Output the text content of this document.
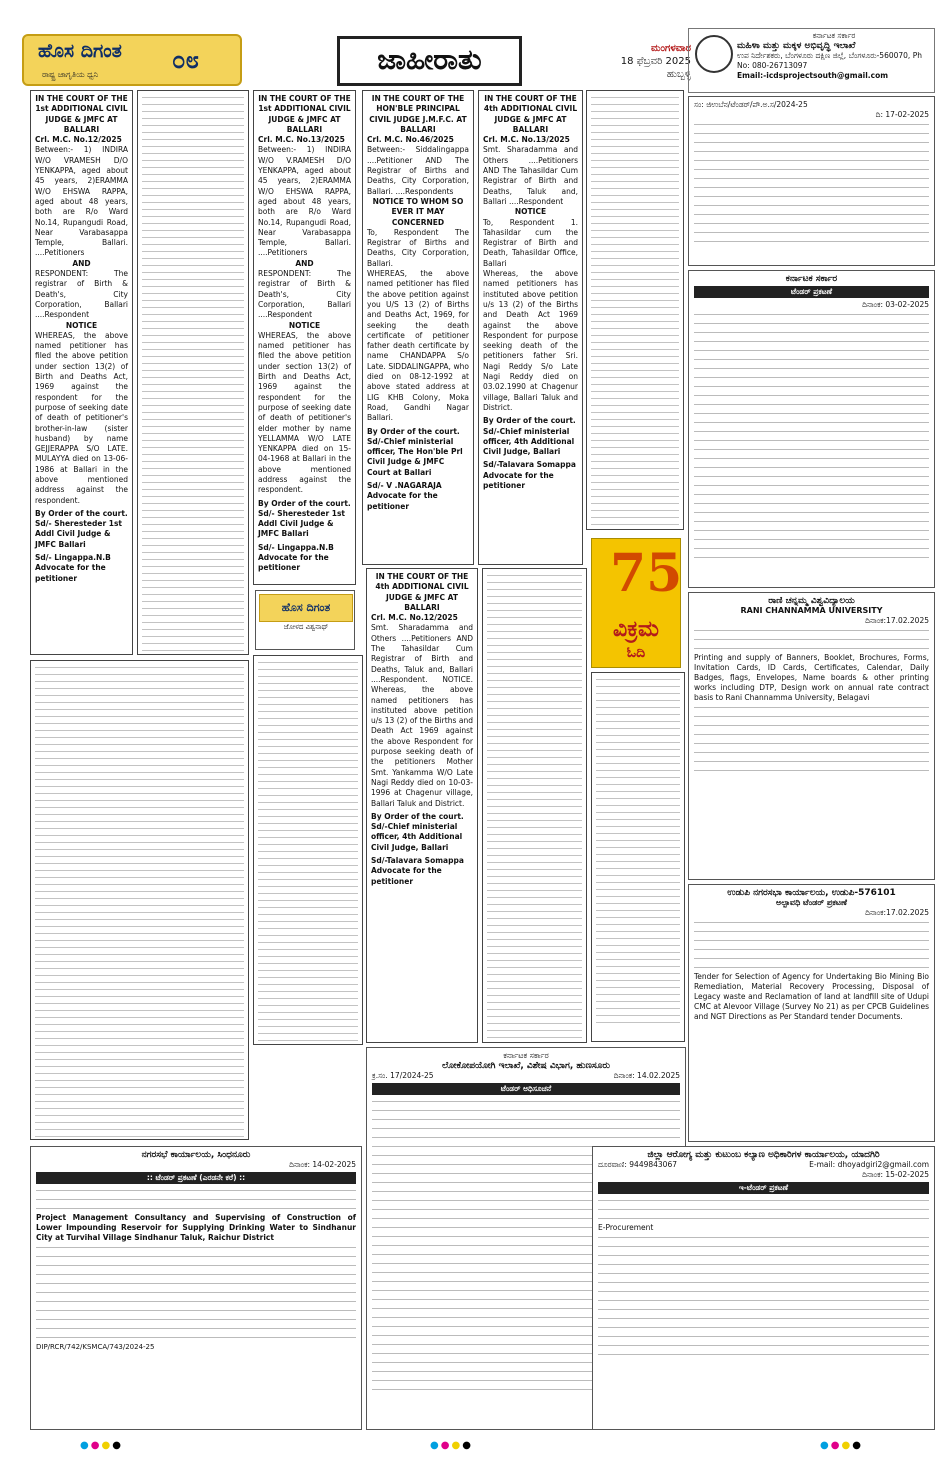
ಹೊಸ ದಿಗಂತ
ರಾಷ್ಟ್ರ ಜಾಗೃತಿಯ ಧ್ವನಿ
೦೮	ಜಾಹೀರಾತು	ಮಂಗಳವಾರ
18 ಫೆಬ್ರವರಿ 2025
ಹುಬ್ಬಳ್ಳಿ
ಕರ್ನಾಟಕ ಸರ್ಕಾರ
ಮಹಿಳಾ ಮತ್ತು ಮಕ್ಕಳ ಅಭಿವೃದ್ಧಿ ಇಲಾಖೆ
ಉಪ ನಿರ್ದೇಶಕರು, ಬೆಂಗಳೂರು ದಕ್ಷಿಣ ಜಿಲ್ಲೆ, ಬೆಂಗಳೂರು-560070, Ph No: 080-26713097
Email:-icdsprojectsouth@gmail.com
IN THE COURT OF THE 1st ADDITIONAL CIVIL JUDGE & JMFC AT BALLARI
Crl. M.C. No.12/2025
Between:- 1) INDIRA W/O VRAMESH D/O YENKAPPA, aged about 45 years, 2)ERAMMA W/O EHSWA RAPPA, aged about 48 years, both are R/o Ward No.14, Rupangudi Road, Near Varabasappa Temple, Ballari. ....Petitioners
AND
RESPONDENT: The registrar of Birth & Death's, City Corporation, Ballari ....Respondent
NOTICE
WHEREAS, the above named petitioner has filed the above petition under section 13(2) of Birth and Deaths Act, 1969 against the respondent for the purpose of seeking date of death of petitioner's brother-in-law (sister husband) by name GEJJERAPPA S/O LATE. MULAYYA died on 13-06-1986 at Ballari in the above mentioned address against the respondent.
By Order of the court. Sd/- Sheresteder 1st Addl Civil Judge & JMFC Ballari
Sd/- Lingappa.N.B Advocate for the petitioner
IN THE COURT OF THE 1st ADDITIONAL CIVIL JUDGE & JMFC AT BALLARI
Crl. M.C. No.13/2025
Between:- 1) INDIRA W/O V.RAMESH D/O YENKAPPA, aged about 45 years, 2)ERAMMA W/O EHSWA RAPPA, aged about 48 years, both are R/o Ward No.14, Rupangudi Road, Near Varabasappa Temple, Ballari. ....Petitioners
AND
RESPONDENT: The registrar of Birth & Death's, City Corporation, Ballari ....Respondent
NOTICE
WHEREAS, the above named petitioner has filed the above petition under section 13(2) of Birth and Deaths Act, 1969 against the respondent for the purpose of seeking date of death of petitioner's elder mother by name YELLAMMA W/O LATE YENKAPPA died on 15-04-1968 at Ballari in the above mentioned address against the respondent.
By Order of the court. Sd/- Sheresteder 1st Addl Civil Judge & JMFC Ballari
Sd/- Lingappa.N.B Advocate for the petitioner
IN THE COURT OF THE HON'BLE PRINCIPAL CIVIL JUDGE J.M.F.C. AT BALLARI
Crl. M.C. No.46/2025
Between:- Siddalingappa ....Petitioner AND The Registrar of Births and Deaths, City Corporation, Ballari. ....Respondents
NOTICE TO WHOM SO EVER IT MAY CONCERNED
To, Respondent The Registrar of Births and Deaths, City Corporation, Ballari.
WHEREAS, the above named petitioner has filed the above petition against you U/S 13 (2) of Births and Deaths Act, 1969, for seeking the death certificate of petitioner father death certificate by name CHANDAPPA S/o Late. SIDDALINGAPPA, who died on 08-12-1992 at above stated address at LIG KHB Colony, Moka Road, Gandhi Nagar Ballari.
By Order of the court. Sd/-Chief ministerial officer, The Hon'ble Prl Civil Judge & JMFC Court at Ballari
Sd/- V .NAGARAJA Advocate for the petitioner
IN THE COURT OF THE 4th ADDITIONAL CIVIL JUDGE & JMFC AT BALLARI
Crl. M.C. No.13/2025
Smt. Sharadamma and Others ....Petitioners AND The Tahasildar Cum Registrar of Birth and Deaths, Taluk and, Ballari ....Respondent
NOTICE
To, Respondent 1. Tahasildar cum the Registrar of Birth and Death, Tahasildar Office, Ballari
Whereas, the above named petitioners has instituted above petition u/s 13 (2) of the Births and Death Act 1969 against the above Respondent for purpose seeking death of the petitioners father Sri. Nagi Reddy S/o Late Nagi Reddy died on 03.02.1990 at Chagenur village, Ballari Taluk and District.
By Order of the court. Sd/-Chief ministerial officer, 4th Additional Civil Judge, Ballari
Sd/-Talavara Somappa Advocate for the petitioner
ಹೊಸ ದಿಗಂತ
ಜೋಳದ ವಿಶ್ವನಾಥ್
IN THE COURT OF THE 4th ADDITIONAL CIVIL JUDGE & JMFC AT BALLARI
Crl. M.C. No.12/2025
Smt. Sharadamma and Others ....Petitioners AND The Tahasildar Cum Registrar of Birth and Deaths, Taluk and, Ballari ....Respondent. NOTICE. Whereas, the above named petitioners has instituted above petition u/s 13 (2) of the Births and Death Act 1969 against the above Respondent for purpose seeking death of the petitioners Mother Smt. Yankamma W/O Late Nagi Reddy died on 10-03-1996 at Chagenur village, Ballari Taluk and District.
By Order of the court. Sd/-Chief ministerial officer, 4th Additional Civil Judge, Ballari
Sd/-Talavara Somappa Advocate for the petitioner
75
ವಿಕ್ರಮ
ಓದಿ
ಸಂ: ಜಿಉಬೆನ/ಟೆಂಡರ್/ಪೌ.ಅ.ಸ/2024-25
ದಿ: 17-02-2025
ಕರ್ನಾಟಕ ಸರ್ಕಾರ
ಟೆಂಡರ್ ಪ್ರಕಟಣೆ
ದಿನಾಂಕ: 03-02-2025
ರಾಣಿ ಚನ್ನಮ್ಮ ವಿಶ್ವವಿದ್ಯಾಲಯ
RANI CHANNAMMA UNIVERSITY
ದಿನಾಂಕ:17.02.2025
Printing and supply of Banners, Booklet, Brochures, Forms, Invitation Cards, ID Cards, Certificates, Calendar, Daily Badges, flags, Envelopes, Name boards & other printing works including DTP, Design work on annual rate contract basis to Rani Channamma University, Belagavi
ಉಡುಪಿ ನಗರಸಭಾ ಕಾರ್ಯಾಲಯ, ಉಡುಪಿ-576101
ಅಲ್ಪಾವಧಿ ಟೆಂಡರ್ ಪ್ರಕಟಣೆ
ದಿನಾಂಕ:17.02.2025
Tender for Selection of Agency for Undertaking Bio Mining Bio Remediation, Material Recovery Processing, Disposal of Legacy waste and Reclamation of land at landfill site of Udupi CMC at Alevoor Village (Survey No 21) as per CPCB Guidelines and NGT Directions as Per Standard tender Documents.
ಕರ್ನಾಟಕ ಸರ್ಕಾರ
ಲೋಕೋಪಯೋಗಿ ಇಲಾಖೆ, ವಿಶೇಷ ವಿಭಾಗ, ಹುಣಸೂರು
ಕ್ರ.ಸಂ. 17/2024-25	ದಿನಾಂಕ: 14.02.2025
ಟೆಂಡರ್ ಅಧಿಸೂಚನೆ
ನಗರಸಭೆ ಕಾರ್ಯಾಲಯ, ಸಿಂಧನೂರು
ದಿನಾಂಕ: 14-02-2025
:: ಟೆಂಡರ್ ಪ್ರಕಟಣೆ (ಎರಡನೇ ಕರೆ) ::
Project Management Consultancy and Supervising of Construction of Lower Impounding Reservoir for Supplying Drinking Water to Sindhanur City at Turvihal Village Sindhanur Taluk, Raichur District
DIP/RCR/742/KSMCA/743/2024-25
ಜಿಲ್ಲಾ ಆರೋಗ್ಯ ಮತ್ತು ಕುಟುಂಬ ಕಲ್ಯಾಣ ಅಧಿಕಾರಿಗಳ ಕಾರ್ಯಾಲಯ, ಯಾದಗಿರಿ
ದೂರವಾಣಿ: 9449843067	E-mail: dhoyadgiri2@gmail.com
ದಿನಾಂಕ: 15-02-2025
ಇ-ಟೆಂಡರ್ ಪ್ರಕಟಣೆ
E-Procurement
●●●●	●●●●	●●●●
